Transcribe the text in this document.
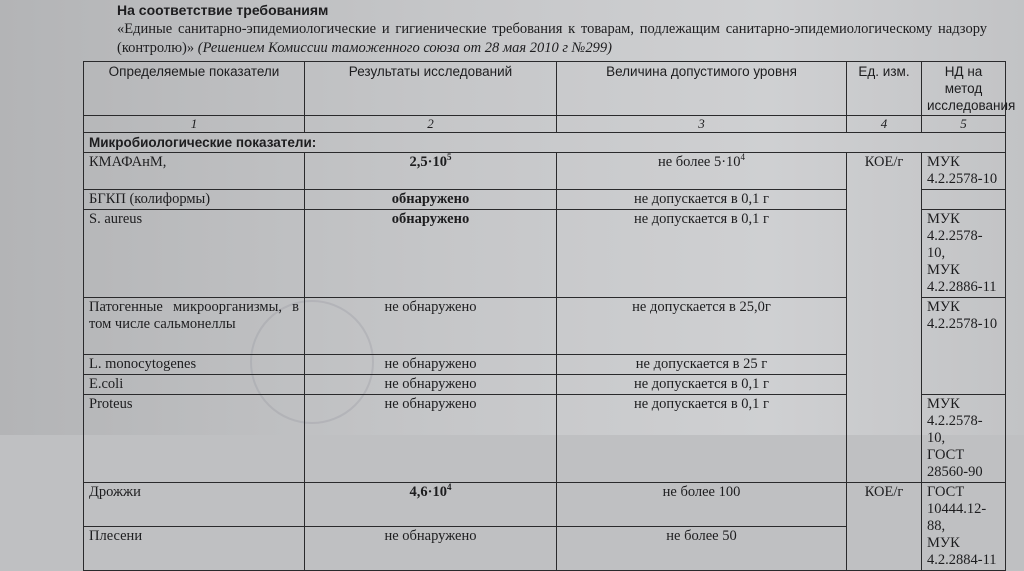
На соответствие требованиям
«Единые санитарно-эпидемиологические и гигиенические требования к товарам, подлежащим санитарно-эпидемиологическому надзору (контролю)» (Решением Комиссии таможенного союза от 28 мая 2010 г №299)
Определяемые показатели	Результаты исследований	Величина допустимого уровня	Ед. изм.	НД на метод исследования
1	2	3	4	5
Микробиологические показатели:				
КМАФАнМ,	$2,5\cdot 10^5$	не более $5\cdot 10^4$	КОЕ/г	МУК 4.2.2578-10
БГКП (колиформы)	обнаружено	не допускается в 0,1 г		
S. aureus	обнаружено	не допускается в 0,1 г		МУК 4.2.2578-10,
МУК 4.2.2886-11

Патогенные микроорганизмы, в том числе сальмонеллы	не обнаружено	не допускается в 25,0г		МУК 4.2.2578-10
L. monocytogenes	не обнаружено	не допускается в 25 г		
E.coli	не обнаружено	не допускается в 0,1 г		
Proteus	не обнаружено	не допускается в 0,1 г		МУК 4.2.2578-10,
ГОСТ 28560-90

Дрожжи	$4,6\cdot 10^4$	не более 100	КОЕ/г	ГОСТ 10444.12-88,
МУК 4.2.2884-11

Плесени	не обнаружено	не более 50		
